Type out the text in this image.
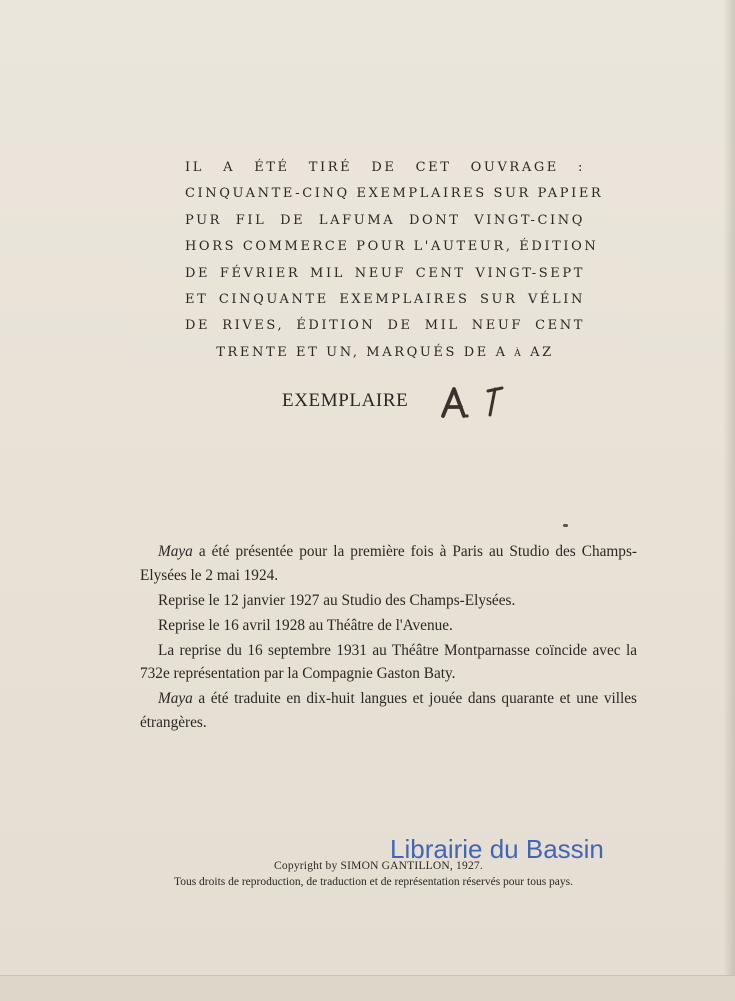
IL A ÉTÉ TIRÉ DE CET OUVRAGE :
CINQUANTE-CINQ EXEMPLAIRES SUR PAPIER
PUR FIL DE LAFUMA DONT VINGT-CINQ
HORS COMMERCE POUR L'AUTEUR, ÉDITION
DE FÉVRIER MIL NEUF CENT VINGT-SEPT
ET CINQUANTE EXEMPLAIRES SUR VÉLIN
DE RIVES, ÉDITION DE MIL NEUF CENT
TRENTE ET UN, MARQUÉS DE A à AZ
EXEMPLAIRE

Maya a été présentée pour la première fois à Paris au Studio des Champs-Elysées le 2 mai 1924.

Reprise le 12 janvier 1927 au Studio des Champs-Elysées.

Reprise le 16 avril 1928 au Théâtre de l'Avenue.

La reprise du 16 septembre 1931 au Théâtre Montparnasse coïncide avec la 732e représentation par la Compagnie Gaston Baty.

Maya a été traduite en dix-huit langues et jouée dans quarante et une villes étrangères.

Copyright by SIMON GANTILLON, 1927.
Tous droits de reproduction, de traduction et de représentation réservés pour tous pays.
Librairie du Bassin
